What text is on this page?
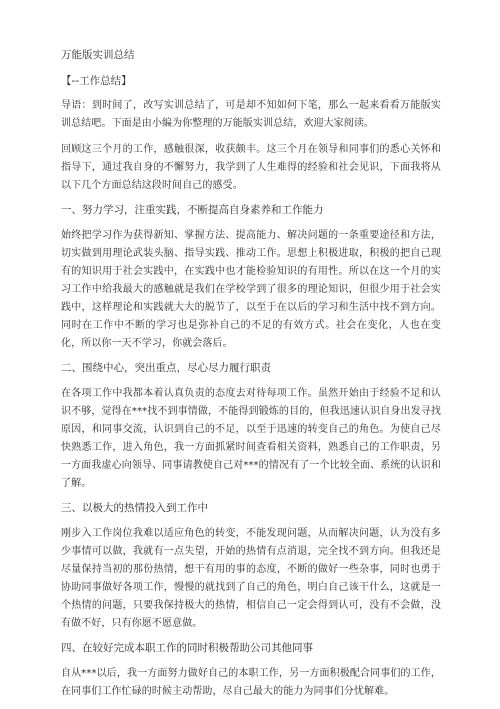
万能版实训总结
【--工作总结】

导语：到时间了，改写实训总结了，可是却不知如何下笔，那么一起来看看万能版实训总结吧。下面是由小编为你整理的万能版实训总结，欢迎大家阅读。

回顾这三个月的工作，感触很深，收获颇丰。这三个月在领导和同事们的悉心关怀和指导下，通过我自身的不懈努力，我学到了人生难得的经验和社会见识，下面我将从以下几个方面总结这段时间自己的感受。

一、努力学习，注重实践，不断提高自身素养和工作能力

始终把学习作为获得新知、掌握方法、提高能力、解决问题的一条重要途径和方法，切实做到用理论武装头脑、指导实践、推动工作。思想上积极进取，积极的把自己现有的知识用于社会实践中，在实践中也才能检验知识的有用性。所以在这一个月的实习工作中给我最大的感触就是我们在学校学到了很多的理论知识，但很少用于社会实践中，这样理论和实践就大大的脱节了，以至于在以后的学习和生活中找不到方向。同时在工作中不断的学习也是弥补自己的不足的有效方式。社会在变化，人也在变化，所以你一天不学习，你就会落后。

二、围绕中心，突出重点，尽心尽力履行职责

在各项工作中我都本着认真负责的态度去对待每项工作。虽然开始由于经验不足和认识不够，觉得在***找不到事情做，不能得到锻炼的目的，但我迅速认识自身出发寻找原因，和同事交流，认识到自己的不足，以至于迅速的转变自己的角色。为使自己尽快熟悉工作，进入角色，我一方面抓紧时间查看相关资料，熟悉自己的工作职责，另一方面我虚心向领导、同事请教使自己对***的情况有了一个比较全面、系统的认识和了解。

三、以极大的热情投入到工作中

刚步入工作岗位我难以适应角色的转变，不能发现问题，从而解决问题，认为没有多少事情可以做，我就有一点失望，开始的热情有点消退，完全找不到方向。但我还是尽量保持当初的那份热情，想干有用的事的态度，不断的做好一些杂事，同时也勇于协助同事做好各项工作，慢慢的就找到了自己的角色，明白自己该干什么，这就是一个热情的问题，只要我保持极大的热情，相信自己一定会得到认可，没有不会做，没有做不好，只有你愿不愿意做。

四、在较好完成本职工作的同时积极帮助公司其他同事

自从***以后，我一方面努力做好自己的本职工作，另一方面积极配合同事们的工作，在同事们工作忙碌的时候主动帮助，尽自己最大的能力为同事们分忧解难。
